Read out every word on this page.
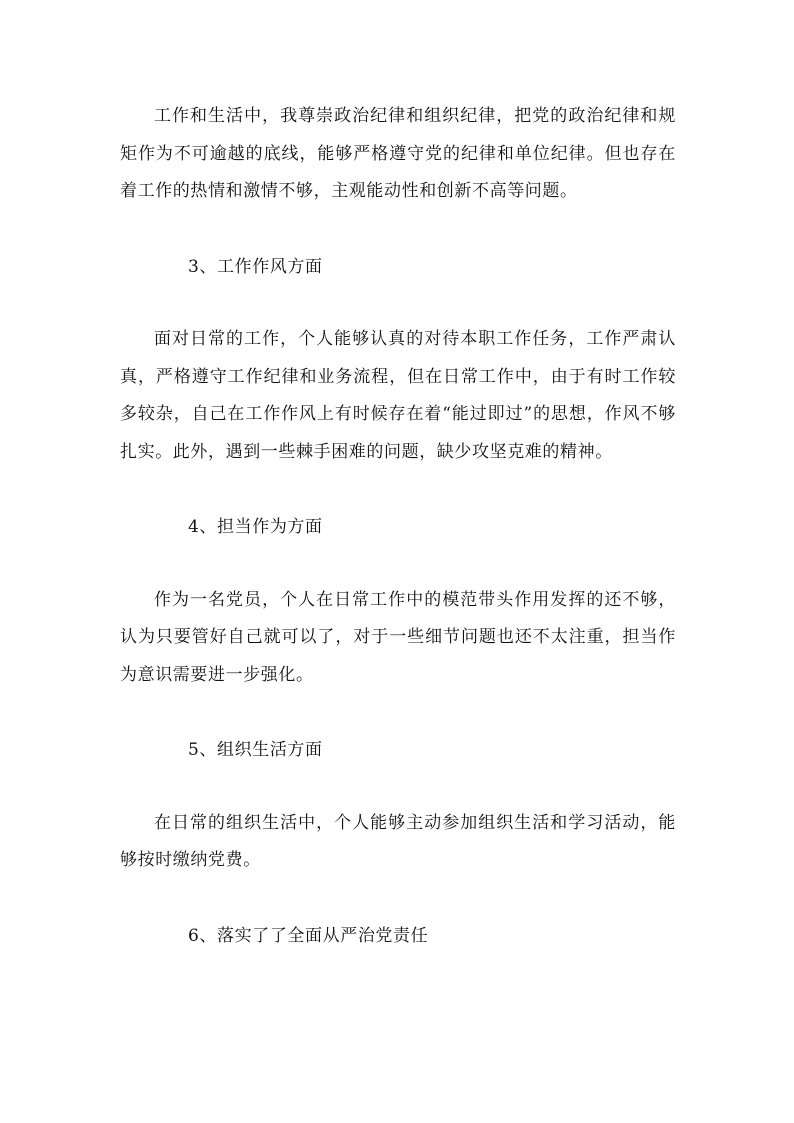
工作和生活中，我尊崇政治纪律和组织纪律，把党的政治纪律和规矩作为不可逾越的底线，能够严格遵守党的纪律和单位纪律。但也存在着工作的热情和激情不够，主观能动性和创新不高等问题。

3、工作作风方面

面对日常的工作，个人能够认真的对待本职工作任务，工作严肃认真，严格遵守工作纪律和业务流程，但在日常工作中，由于有时工作较多较杂，自己在工作作风上有时候存在着“能过即过”的思想，作风不够扎实。此外，遇到一些棘手困难的问题，缺少攻坚克难的精神。

4、担当作为方面

作为一名党员，个人在日常工作中的模范带头作用发挥的还不够，认为只要管好自己就可以了，对于一些细节问题也还不太注重，担当作为意识需要进一步强化。

5、组织生活方面

在日常的组织生活中，个人能够主动参加组织生活和学习活动，能够按时缴纳党费。

6、落实了了全面从严治党责任
